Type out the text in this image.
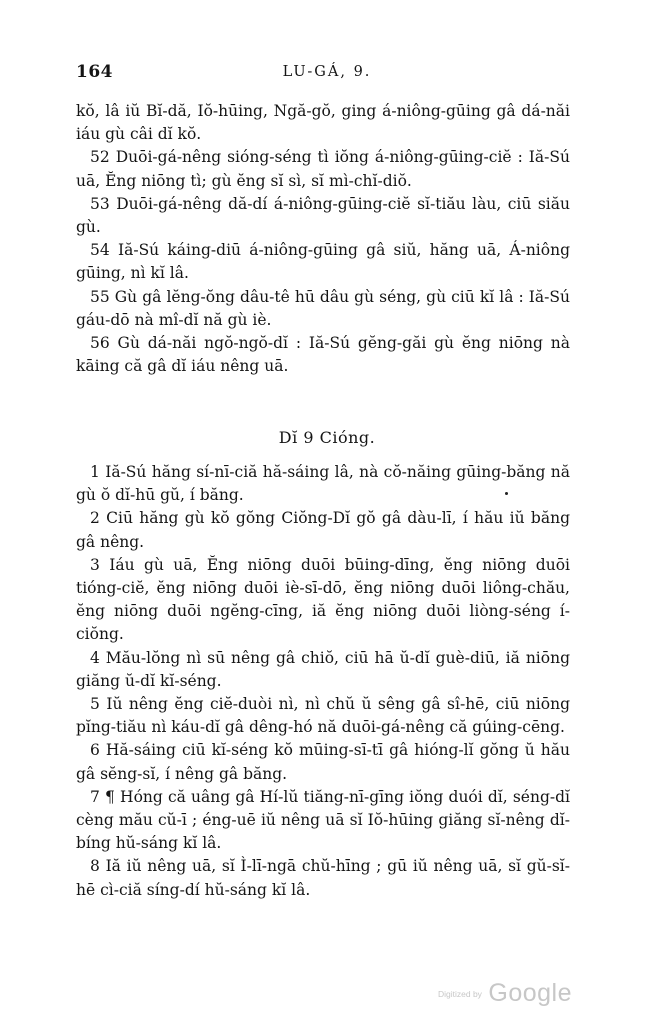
164	LU-GÁ, 9.

kŏ, lâ iŭ Bĭ-dă, Iŏ-hūing, Ngă-gŏ, ging á-niông-gūing gâ dá-năi iáu gù câi dĭ kŏ.

52 Duōi-gá-nêng sióng-séng tì iŏng á-niông-gūing-ciĕ : Iă-Sú uā, Ĕng niōng tì; gù ĕng sĭ sì, sĭ mì-chĭ-diŏ.

53 Duōi-gá-nêng dă-dí á-niông-gūing-ciĕ sĭ-tiău làu, ciū siău gù.

54 Iă-Sú káing-diū á-niông-gūing gâ siŭ, hăng uā, Á-niông gūing, nì kĭ lâ.

55 Gù gâ lĕng-ŏng dâu-tê hū dâu gù séng, gù ciū kĭ lâ : Iă-Sú gáu-dō nà mî-dĭ nă gù iè.

56 Gù dá-năi ngŏ-ngŏ-dĭ : Iă-Sú gĕng-găi gù ĕng niōng nà kāing că gâ dĭ iáu nêng uā.

Dĭ 9 Cióng.

1 Iă-Sú hăng sí-nī-ciă hă-sáing lâ, nà cŏ-năing gūing-băng nă gù ŏ dĭ-hū gŭ, í băng.

2 Ciū hăng gù kŏ gŏng Ciŏng-Dĭ gŏ gâ dàu-lī, í hău iŭ băng gâ nêng.

3 Iáu gù uā, Ĕng niōng duōi būing-dīng, ĕng niōng duōi tióng-ciĕ, ĕng niōng duōi iè-sī-dō, ĕng niōng duōi liông-chău, ĕng niōng duōi ngĕng-cīng, iă ĕng niōng duōi liòng-séng í-ciŏng.

4 Mău-lŏng nì sū nêng gâ chiŏ, ciū hā ŭ-dĭ guè-diū, iă niōng giăng ŭ-dĭ kĭ-séng.

5 Iŭ nêng ĕng ciĕ-duòi nì, nì chŭ ŭ sêng gâ sî-hē, ciū niōng pĭng-tiău nì káu-dĭ gâ dêng-hó nă duōi-gá-nêng că gúing-cēng.

6 Hă-sáing ciū kĭ-séng kŏ mūing-sī-tī gâ hióng-lĭ gŏng ŭ hău gâ sĕng-sĭ, í nêng gâ băng.

7 ¶ Hóng că uâng gâ Hí-lŭ tiăng-nī-gīng iŏng duói dĭ, séng-dĭ cèng mău cŭ-ī ; éng-uē iŭ nêng uā sĭ Iŏ-hūing giăng sĭ-nêng dĭ-bíng hŭ-sáng kĭ lâ.

8 Iă iŭ nêng uā, sĭ Ì-lī-ngā chŭ-hīng ; gū iŭ nêng uā, sĭ gŭ-sĭ-hē cì-ciă síng-dí hŭ-sáng kĭ lâ.

$^{Digitized by}$ Google
